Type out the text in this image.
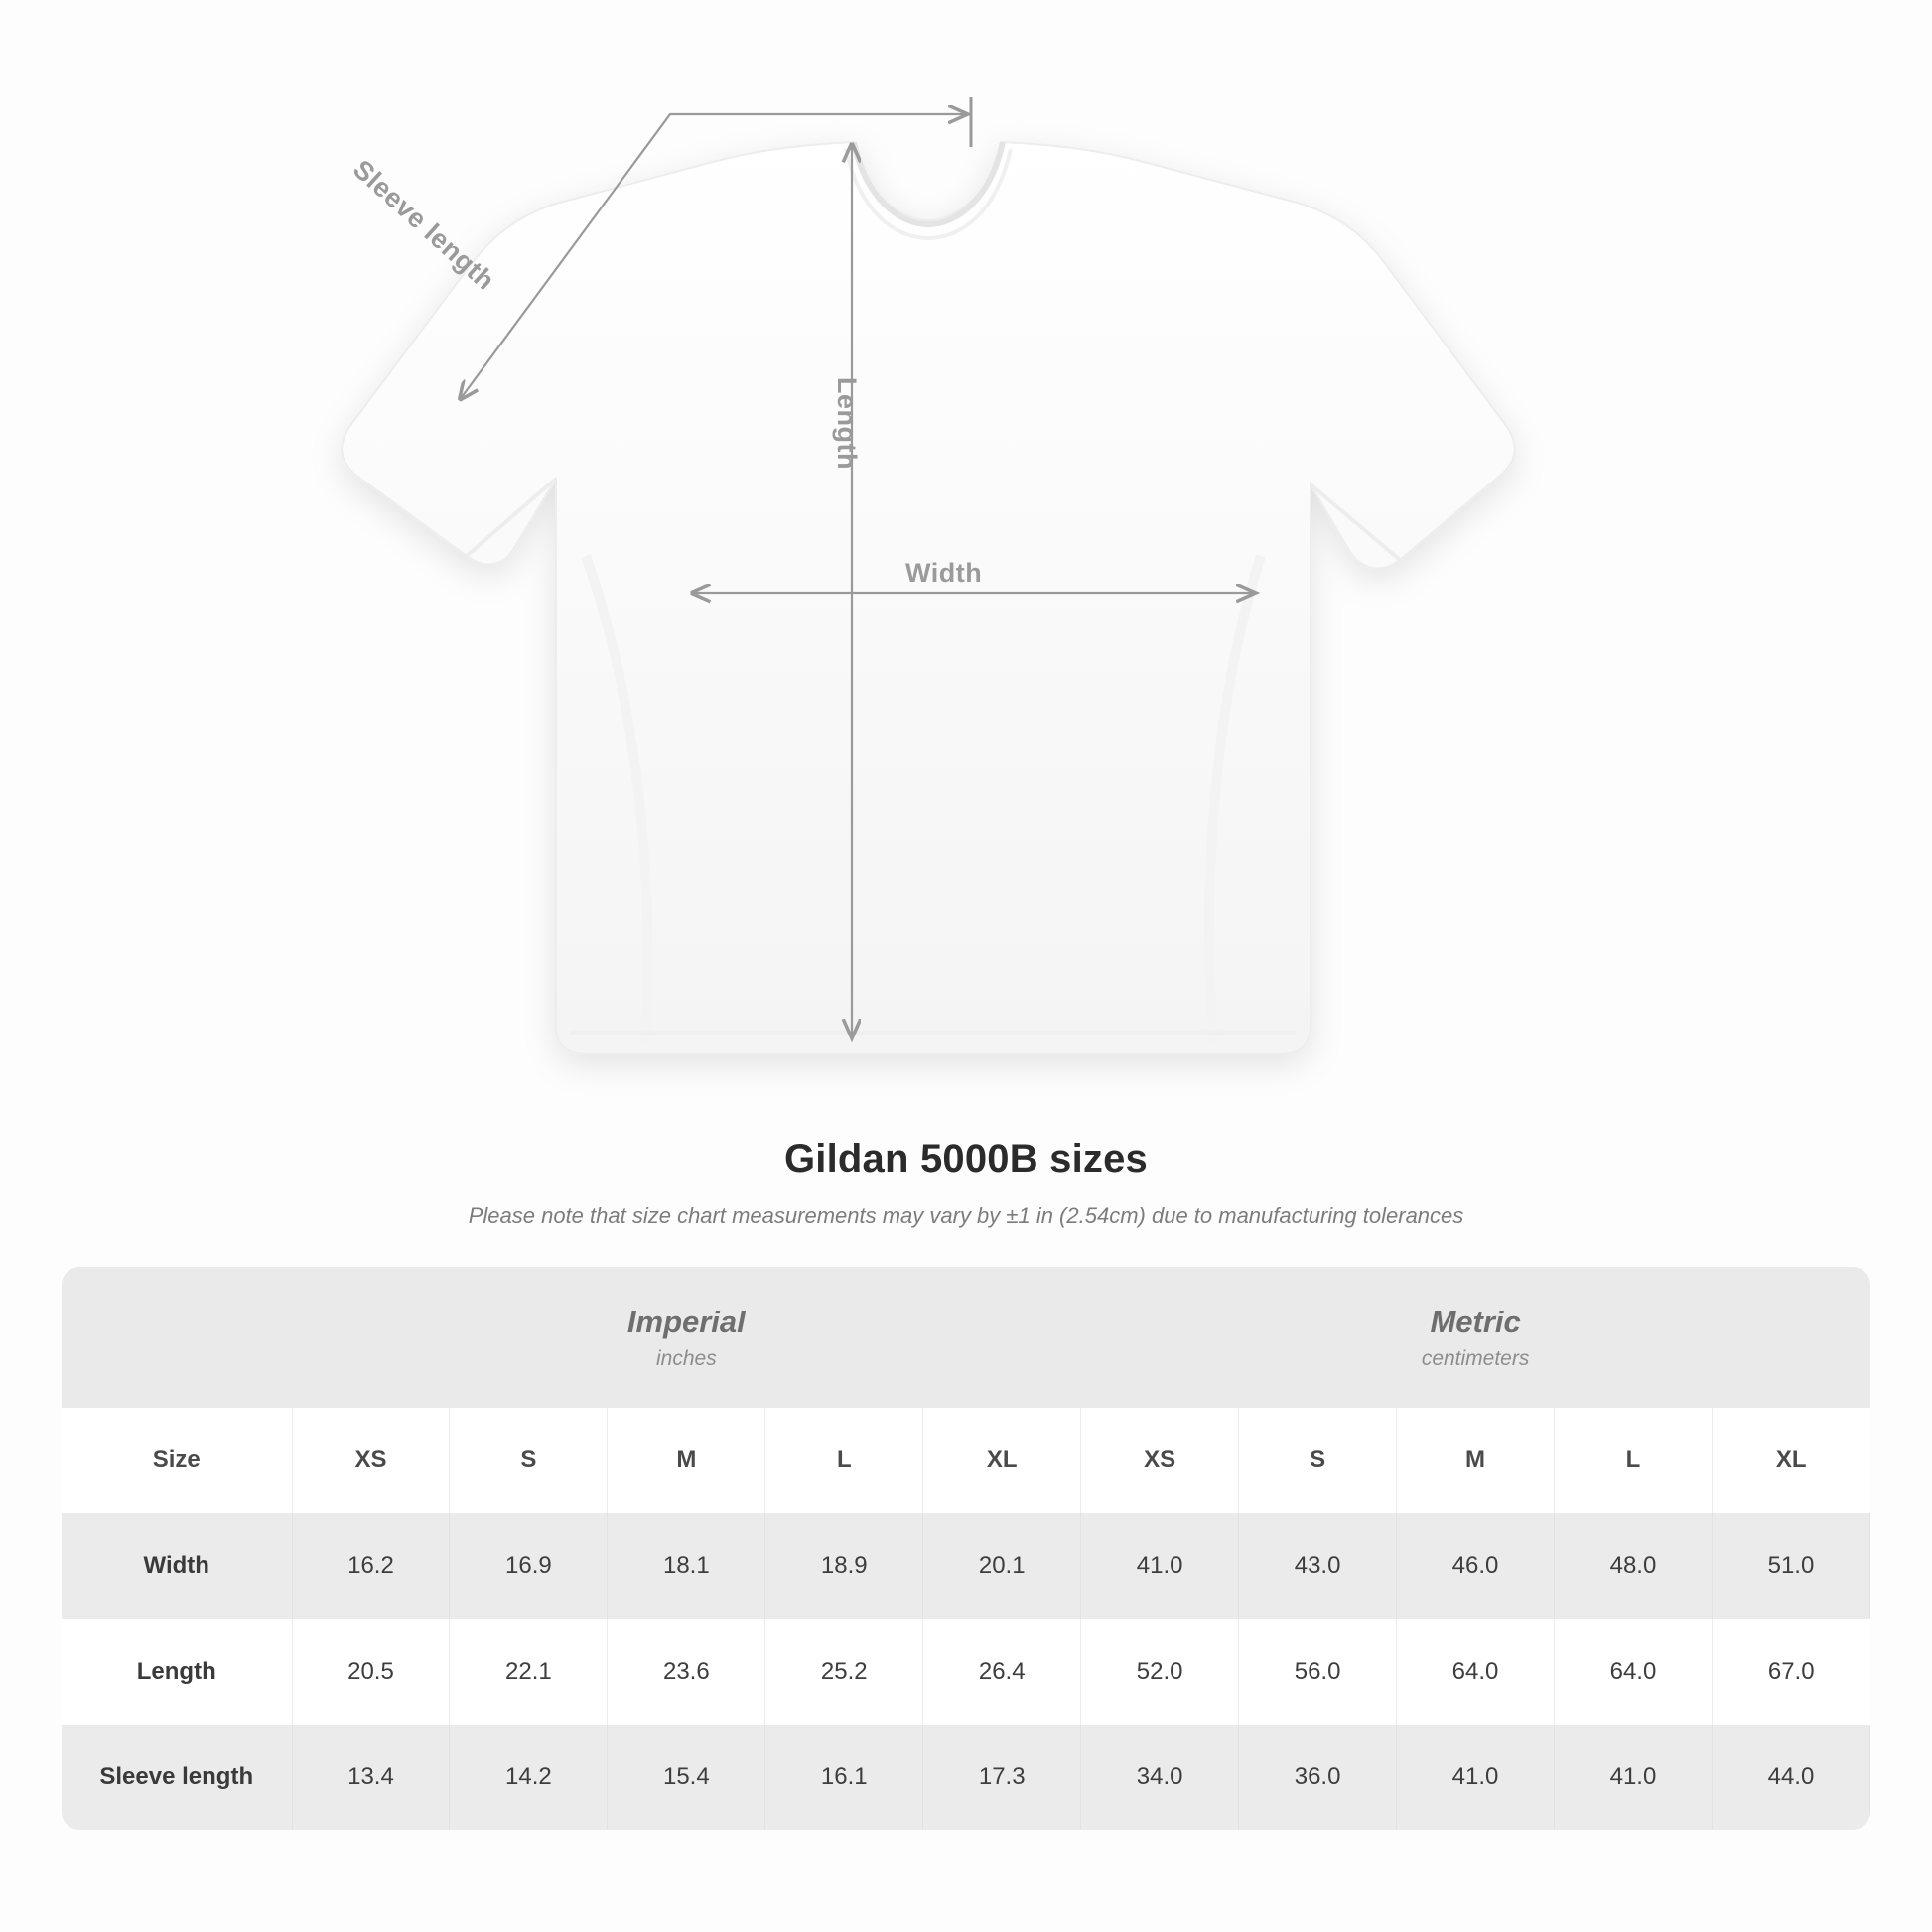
Sleeve length
Length
Width
Gildan 5000B sizes
Please note that size chart measurements may vary by ±1 in (2.54cm) due to manufacturing tolerances

Imperial
inches

Metric
centimeters

Size	XS	S	M	L	XL	XS	S	M	L	XL
Width	16.2	16.9	18.1	18.9	20.1	41.0	43.0	46.0	48.0	51.0
Length	20.5	22.1	23.6	25.2	26.4	52.0	56.0	64.0	64.0	67.0
Sleeve length	13.4	14.2	15.4	16.1	17.3	34.0	36.0	41.0	41.0	44.0
